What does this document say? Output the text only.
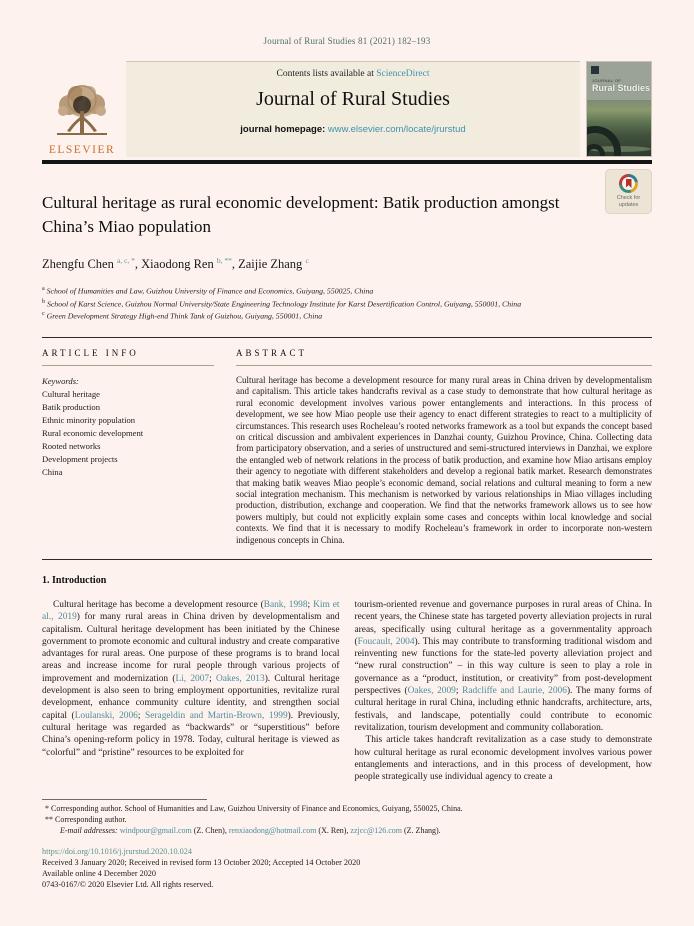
Journal of Rural Studies 81 (2021) 182–193
ELSEVIER
Contents lists available at ScienceDirect
Journal of Rural Studies
journal homepage: www.elsevier.com/locate/jrurstud
JOURNAL OF
Rural Studies
Check for
updates
Cultural heritage as rural economic development: Batik production amongst China’s Miao population
Zhengfu Chen $^{a, c, *}$, Xiaodong Ren $^{b, **}$, Zaijie Zhang $^c$
$^a$ School of Humanities and Law, Guizhou University of Finance and Economics, Guiyang, 550025, China
$^b$ School of Karst Science, Guizhou Normal University/State Engineering Technology Institute for Karst Desertification Control, Guiyang, 550001, China
$^c$ Green Development Strategy High-end Think Tank of Guizhou, Guiyang, 550001, China
ARTICLE INFO
Keywords:
Cultural heritage
Batik production
Ethnic minority population
Rural economic development
Rooted networks
Development projects
China
ABSTRACT
Cultural heritage has become a development resource for many rural areas in China driven by developmentalism and capitalism. This article takes handcrafts revival as a case study to demonstrate that how cultural heritage as rural economic development involves various power entanglements and interactions. In this process of development, we see how Miao people use their agency to enact different strategies to react to a multiplicity of circumstances. This research uses Rocheleau’s rooted networks framework as a tool but expands the concept based on critical discussion and ambivalent experiences in Danzhai county, Guizhou Province, China. Collecting data from participatory observation, and a series of unstructured and semi-structured interviews in Danzhai, we explore the entangled web of network relations in the process of batik production, and examine how Miao artisans employ their agency to negotiate with different stakeholders and develop a regional batik market. Research demonstrates that making batik weaves Miao people’s economic demand, social relations and cultural meaning to form a new social integration mechanism. This mechanism is networked by various relationships in Miao villages including production, distribution, exchange and cooperation. We find that the networks framework allows us to see how powers multiply, but could not explicitly explain some cases and concepts within local knowledge and social contexts. We find that it is necessary to modify Rocheleau’s framework in order to incorporate non-western indigenous concepts in China.
1. Introduction

Cultural heritage has become a development resource (Bank, 1998; Kim et al., 2019) for many rural areas in China driven by developmentalism and capitalism. Cultural heritage development has been initiated by the Chinese government to promote economic and cultural industry and create comparative advantages for rural areas. One purpose of these programs is to brand local areas and increase income for rural people through various projects of improvement and modernization (Li, 2007; Oakes, 2013). Cultural heritage development is also seen to bring employment opportunities, revitalize rural development, enhance community culture identity, and strengthen social capital (Loulanski, 2006; Serageldin and Martin-Brown, 1999). Previously, cultural heritage was regarded as “backwards” or “superstitious” before China’s opening-reform policy in 1978. Today, cultural heritage is viewed as “colorful” and “pristine” resources to be exploited for

tourism-oriented revenue and governance purposes in rural areas of China. In recent years, the Chinese state has targeted poverty alleviation projects in rural areas, specifically using cultural heritage as a governmentality approach (Foucault, 2004). This may contribute to transforming traditional wisdom and reinventing new functions for the state-led poverty alleviation project and “new rural construction” – in this way culture is seen to play a role in governance as a “product, institution, or creativity” from post-development perspectives (Oakes, 2009; Radcliffe and Laurie, 2006). The many forms of cultural heritage in rural China, including ethnic handcrafts, architecture, arts, festivals, and landscape, potentially could contribute to economic revitalization, tourism development and community collaboration.

This article takes handcraft revitalization as a case study to demonstrate how cultural heritage as rural economic development involves various power entanglements and interactions, and in this process of development, how people strategically use individual agency to create a

* Corresponding author. School of Humanities and Law, Guizhou University of Finance and Economics, Guiyang, 550025, China.
** Corresponding author.
E-mail addresses: windpour@gmail.com (Z. Chen), renxiaodong@hotmail.com (X. Ren), zzjcc@126.com (Z. Zhang).
https://doi.org/10.1016/j.jrurstud.2020.10.024
Received 3 January 2020; Received in revised form 13 October 2020; Accepted 14 October 2020
Available online 4 December 2020
0743-0167/© 2020 Elsevier Ltd. All rights reserved.
